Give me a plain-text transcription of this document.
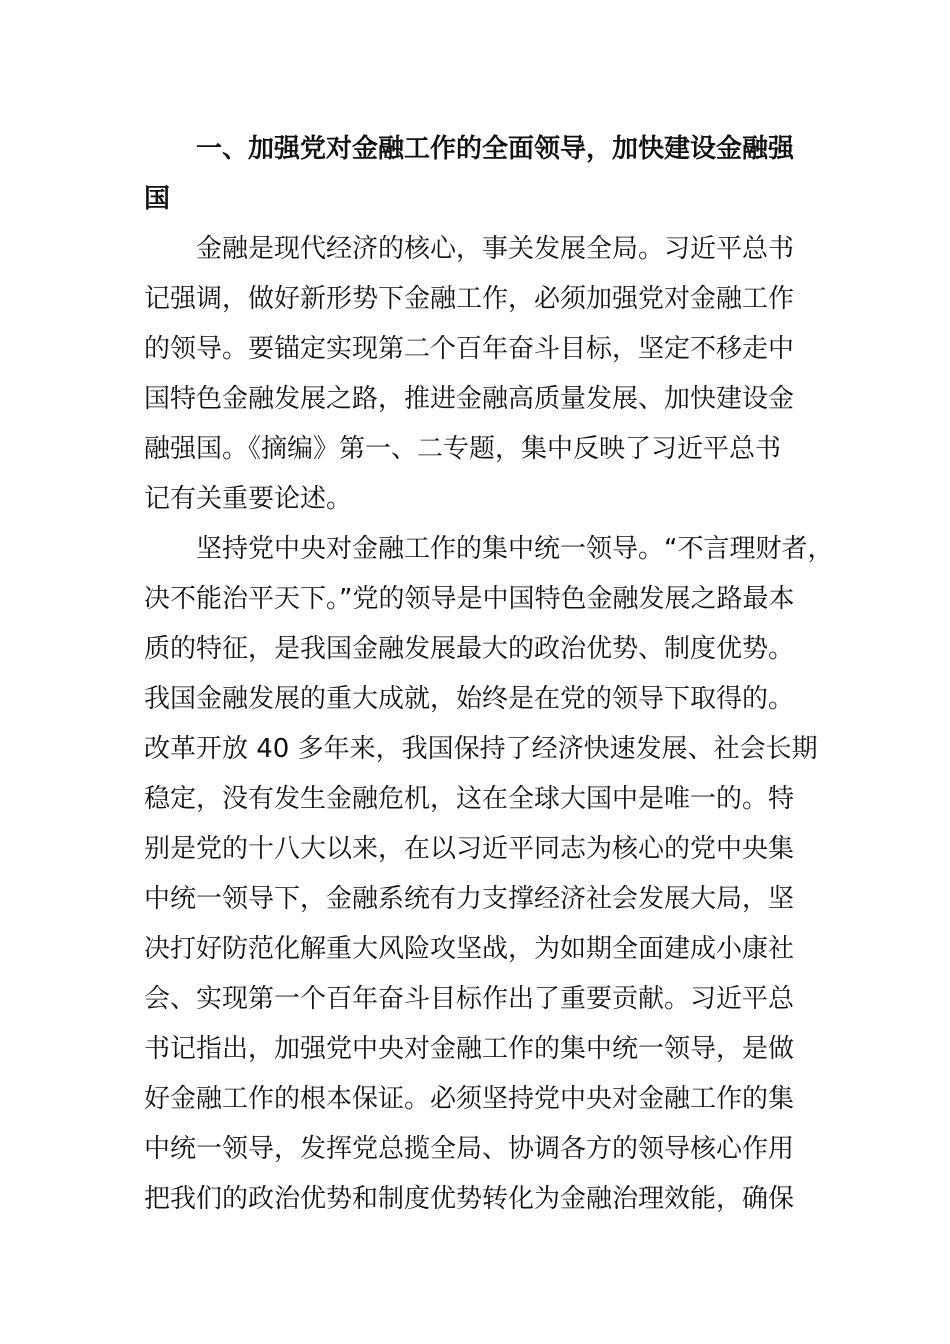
一、加强党对金融工作的全面领导，加快建设金融强
国

金融是现代经济的核心，事关发展全局。习近平总书
记强调，做好新形势下金融工作，必须加强党对金融工作
的领导。要锚定实现第二个百年奋斗目标，坚定不移走中
国特色金融发展之路，推进金融高质量发展、加快建设金
融强国。《摘编》第一、二专题，集中反映了习近平总书
记有关重要论述。

坚持党中央对金融工作的集中统一领导。“不言理财者，
决不能治平天下。”党的领导是中国特色金融发展之路最本
质的特征，是我国金融发展最大的政治优势、制度优势。
我国金融发展的重大成就，始终是在党的领导下取得的。
改革开放 40 多年来，我国保持了经济快速发展、社会长期
稳定，没有发生金融危机，这在全球大国中是唯一的。特
别是党的十八大以来，在以习近平同志为核心的党中央集
中统一领导下，金融系统有力支撑经济社会发展大局，坚
决打好防范化解重大风险攻坚战，为如期全面建成小康社
会、实现第一个百年奋斗目标作出了重要贡献。习近平总
书记指出，加强党中央对金融工作的集中统一领导，是做
好金融工作的根本保证。必须坚持党中央对金融工作的集
中统一领导，发挥党总揽全局、协调各方的领导核心作用
把我们的政治优势和制度优势转化为金融治理效能，确保
